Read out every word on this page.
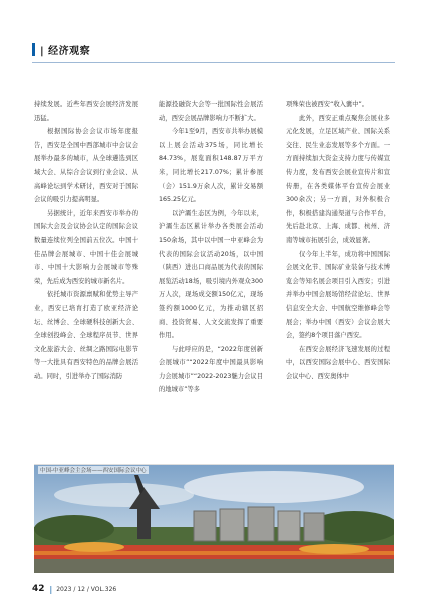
| 经济观察

持续发展。近些年西安会展经济发展迅猛。

根据国际协会会议市场年度报告，西安是全国中西部城市中会议会展举办最多的城市，从全球遴选到区域大会、从综合会议到行业会议、从高峰论坛到学术研讨，西安对于国际会议的吸引力提高明显。

另据统计，近年来西安市举办的国际大会及会议协会认定的国际会议数量连续位列全国前五位次。中国十佳品牌会展城市、中国十佳会展城市、中国十大影响力会展城市等殊荣，先后成为西安的城市新名片。

依托城市资源禀赋和优势主导产业，西安已培育打造了欧亚经济论坛、丝博会、全球硬科技创新大会、全球创投峰会、全球程序员节、世界文化旅游大会、丝绸之路国际电影节等一大批具有西安特色的品牌会展活动。同时，引进举办了国际消防

能源投融资大会等一批国际性会展活动，西安会展品牌影响力不断扩大。

今年1至9月，西安市共举办展模以上展会活动375场，同比增长84.73%，展览面积148.87万平方米，同比增长217.07%；累计参展（会）151.9万余人次，累计交易额165.25亿元。

以沪灞生态区为例，今年以来，沪灞生态区累计举办各类展会活动150余场，其中以中国一中亚峰会为代表的国际会议活动20场，以中国（陕西）进出口商品展为代表的国际展览活动18场，吸引境内外观众300万人次，现场成交额150亿元，现场签约额1000亿元，为推动辖区招商、投资贸易、人文交流发挥了重要作用。

与此呼应的是，“2022年度创新会展城市”“2022年度中国最具影响力会展城市”“2022-2023魅力会议目的地城市”等多

项殊荣也被西安“收入囊中”。

此外，西安正重点聚焦会展业多元化发展，立足区域产业、国际关系交往、民生业态发展等多个方面。一方面持续加大资金支持力度与传媒宣传力度，发布西安会展业宣传片和宣传册，在各类媒体平台宣传会展业300余次；另一方面，对外积极合作，积极搭建沟通渠道与合作平台，先后赴北京、上海、成都、杭州、济南等城市拓展引会，成效显著。

仅今年上半年，成功将中国国际会展文化节、国际矿业装备与技术博览会等知名展会项目引入西安；引进并举办中国会展场馆经营论坛、世界信息安全大会、中国航空维修峰会等展会；举办中国（西安）会议会展大会，签约8个项目落户西安。

在西安会展经济飞速发展的过程中，以西安国际会展中心、西安国际会议中心、西安奥体中

中国-中亚峰会主会场——西安国际会议中心
42 | 2023 / 12 / VOL.326
